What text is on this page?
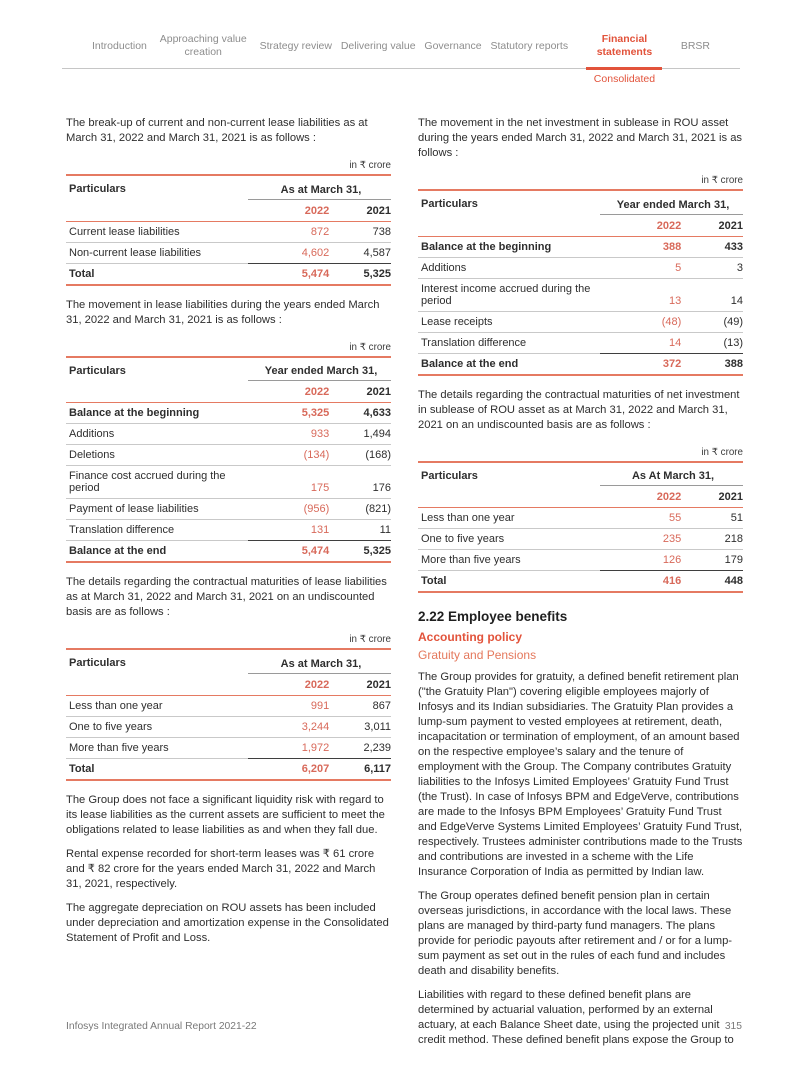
Introduction
Approaching value creation
Strategy review Delivering value Governance Statutory reports
Financial statements
Consolidated
BRSR

The break-up of current and non-current lease liabilities as at March 31, 2022 and March 31, 2021 is as follows :

in ₹ crore
Particulars	As at March 31,	
	2022	2021
Current lease liabilities	872	738
Non-current lease liabilities	4,602	4,587
Total	5,474	5,325

The movement in lease liabilities during the years ended March 31, 2022 and March 31, 2021 is as follows :

in ₹ crore
Particulars	Year ended March 31,	
	2022	2021
Balance at the beginning	5,325	4,633
Additions	933	1,494
Deletions	(134)	(168)
Finance cost accrued during the period	175	176
Payment of lease liabilities	(956)	(821)
Translation difference	131	11
Balance at the end	5,474	5,325

The details regarding the contractual maturities of lease liabilities as at March 31, 2022 and March 31, 2021 on an undiscounted basis are as follows :

in ₹ crore
Particulars	As at March 31,	
	2022	2021
Less than one year	991	867
One to five years	3,244	3,011
More than five years	1,972	2,239
Total	6,207	6,117

The Group does not face a significant liquidity risk with regard to its lease liabilities as the current assets are sufficient to meet the obligations related to lease liabilities as and when they fall due.

Rental expense recorded for short-term leases was ₹ 61 crore and ₹ 82 crore for the years ended March 31, 2022 and March 31, 2021, respectively.

The aggregate depreciation on ROU assets has been included under depreciation and amortization expense in the Consolidated Statement of Profit and Loss.

The movement in the net investment in sublease in ROU asset during the years ended March 31, 2022 and March 31, 2021 is as follows :

in ₹ crore
Particulars	Year ended March 31,	
	2022	2021
Balance at the beginning	388	433
Additions	5	3
Interest income accrued during the period	13	14
Lease receipts	(48)	(49)
Translation difference	14	(13)
Balance at the end	372	388

The details regarding the contractual maturities of net investment in sublease of ROU asset as at March 31, 2022 and March 31, 2021 on an undiscounted basis are as follows :

in ₹ crore
Particulars	As At March 31,	
	2022	2021
Less than one year	55	51
One to five years	235	218
More than five years	126	179
Total	416	448
2.22 Employee benefits
Accounting policy
Gratuity and Pensions

The Group provides for gratuity, a defined benefit retirement plan ("the Gratuity Plan") covering eligible employees majorly of Infosys and its Indian subsidiaries. The Gratuity Plan provides a lump-sum payment to vested employees at retirement, death, incapacitation or termination of employment, of an amount based on the respective employee’s salary and the tenure of employment with the Group. The Company contributes Gratuity liabilities to the Infosys Limited Employees’ Gratuity Fund Trust (the Trust). In case of Infosys BPM and EdgeVerve, contributions are made to the Infosys BPM Employees’ Gratuity Fund Trust and EdgeVerve Systems Limited Employees’ Gratuity Fund Trust, respectively. Trustees administer contributions made to the Trusts and contributions are invested in a scheme with the Life Insurance Corporation of India as permitted by Indian law.

The Group operates defined benefit pension plan in certain overseas jurisdictions, in accordance with the local laws. These plans are managed by third-party fund managers. The plans provide for periodic payouts after retirement and / or for a lump-sum payment as set out in the rules of each fund and includes death and disability benefits.

Liabilities with regard to these defined benefit plans are determined by actuarial valuation, performed by an external actuary, at each Balance Sheet date, using the projected unit credit method. These defined benefit plans expose the Group to

Infosys Integrated Annual Report 2021-22	315
